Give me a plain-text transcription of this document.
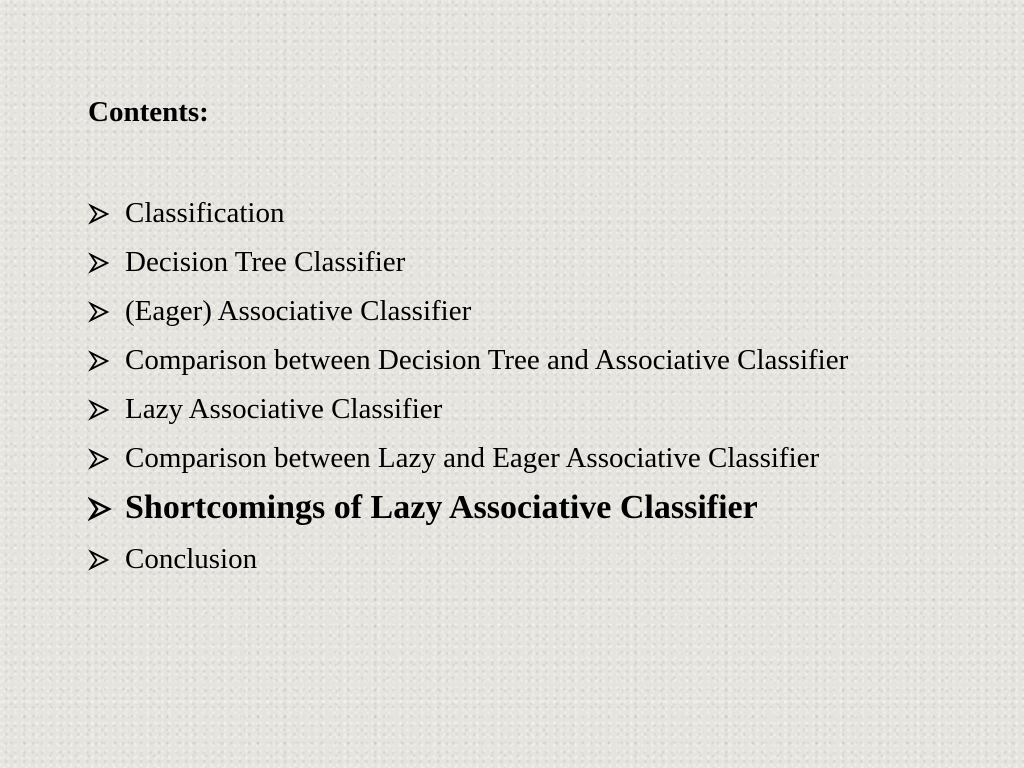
Contents:
Classification
Decision Tree Classifier
(Eager) Associative Classifier
Comparison between Decision Tree and Associative Classifier
Lazy Associative Classifier
Comparison between Lazy and Eager Associative Classifier
Shortcomings of Lazy Associative Classifier
Conclusion
